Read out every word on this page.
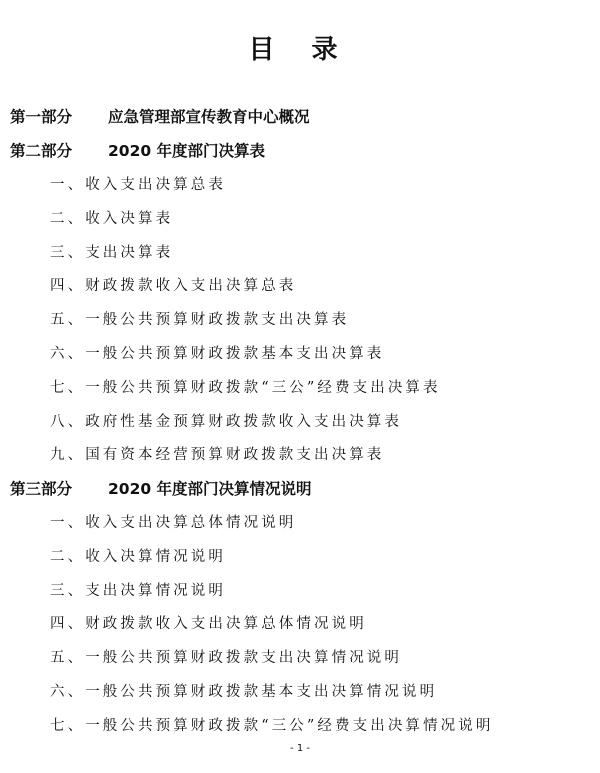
目 录
第一部分 应急管理部宣传教育中心概况
第二部分 2020 年度部门决算表
一、收入支出决算总表
二、收入决算表
三、支出决算表
四、财政拨款收入支出决算总表
五、一般公共预算财政拨款支出决算表
六、一般公共预算财政拨款基本支出决算表
七、一般公共预算财政拨款“三公”经费支出决算表
八、政府性基金预算财政拨款收入支出决算表
九、国有资本经营预算财政拨款支出决算表
第三部分 2020 年度部门决算情况说明
一、收入支出决算总体情况说明
二、收入决算情况说明
三、支出决算情况说明
四、财政拨款收入支出决算总体情况说明
五、一般公共预算财政拨款支出决算情况说明
六、一般公共预算财政拨款基本支出决算情况说明
七、一般公共预算财政拨款“三公”经费支出决算情况说明
- 1 -
